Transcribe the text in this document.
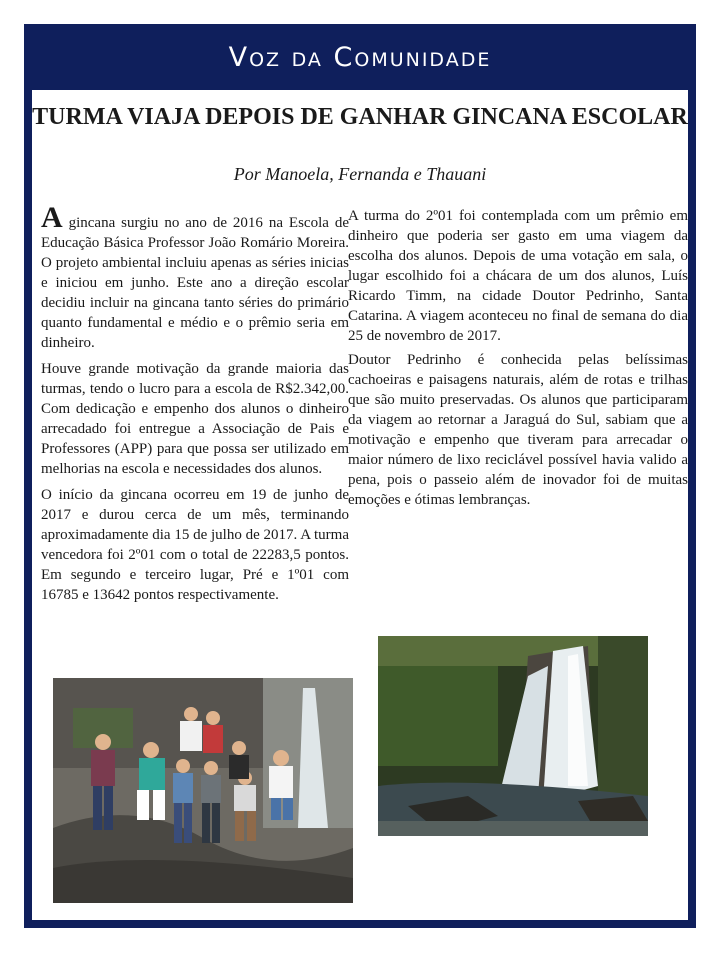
Voz da Comunidade
TURMA VIAJA DEPOIS DE GANHAR GINCANA ESCOLAR

Por Manoela, Fernanda e Thauani

A gincana surgiu no ano de 2016 na Escola de Educação Básica Professor João Romário Moreira. O projeto ambiental incluiu apenas as séries inicias e iniciou em junho. Este ano a direção escolar decidiu incluir na gincana tanto séries do primário quanto fundamental e médio e o prêmio seria em dinheiro.

Houve grande motivação da grande maioria das turmas, tendo o lucro para a escola de R$2.342,00. Com dedicação e empenho dos alunos o dinheiro arrecadado foi entregue a Associação de Pais e Professores (APP) para que possa ser utilizado em melhorias na escola e necessidades dos alunos.

O início da gincana ocorreu em 19 de junho de 2017 e durou cerca de um mês, terminando aproximadamente dia 15 de julho de 2017. A turma vencedora foi 2º01 com o total de 22283,5 pontos. Em segundo e terceiro lugar, Pré e 1º01 com 16785 e 13642 pontos respectivamente.

A turma do 2º01 foi contemplada com um prêmio em dinheiro que poderia ser gasto em uma viagem da escolha dos alunos. Depois de uma votação em sala, o lugar escolhido foi a chácara de um dos alunos, Luís Ricardo Timm, na cidade Doutor Pedrinho, Santa Catarina. A viagem aconteceu no final de semana do dia 25 de novembro de 2017.

Doutor Pedrinho é conhecida pelas belíssimas cachoeiras e paisagens naturais, além de rotas e trilhas que são muito preservadas. Os alunos que participaram da viagem ao retornar a Jaraguá do Sul, sabiam que a motivação e empenho que tiveram para arrecadar o maior número de lixo reciclável possível havia valido a pena, pois o passeio além de inovador foi de muitas emoções e ótimas lembranças.
